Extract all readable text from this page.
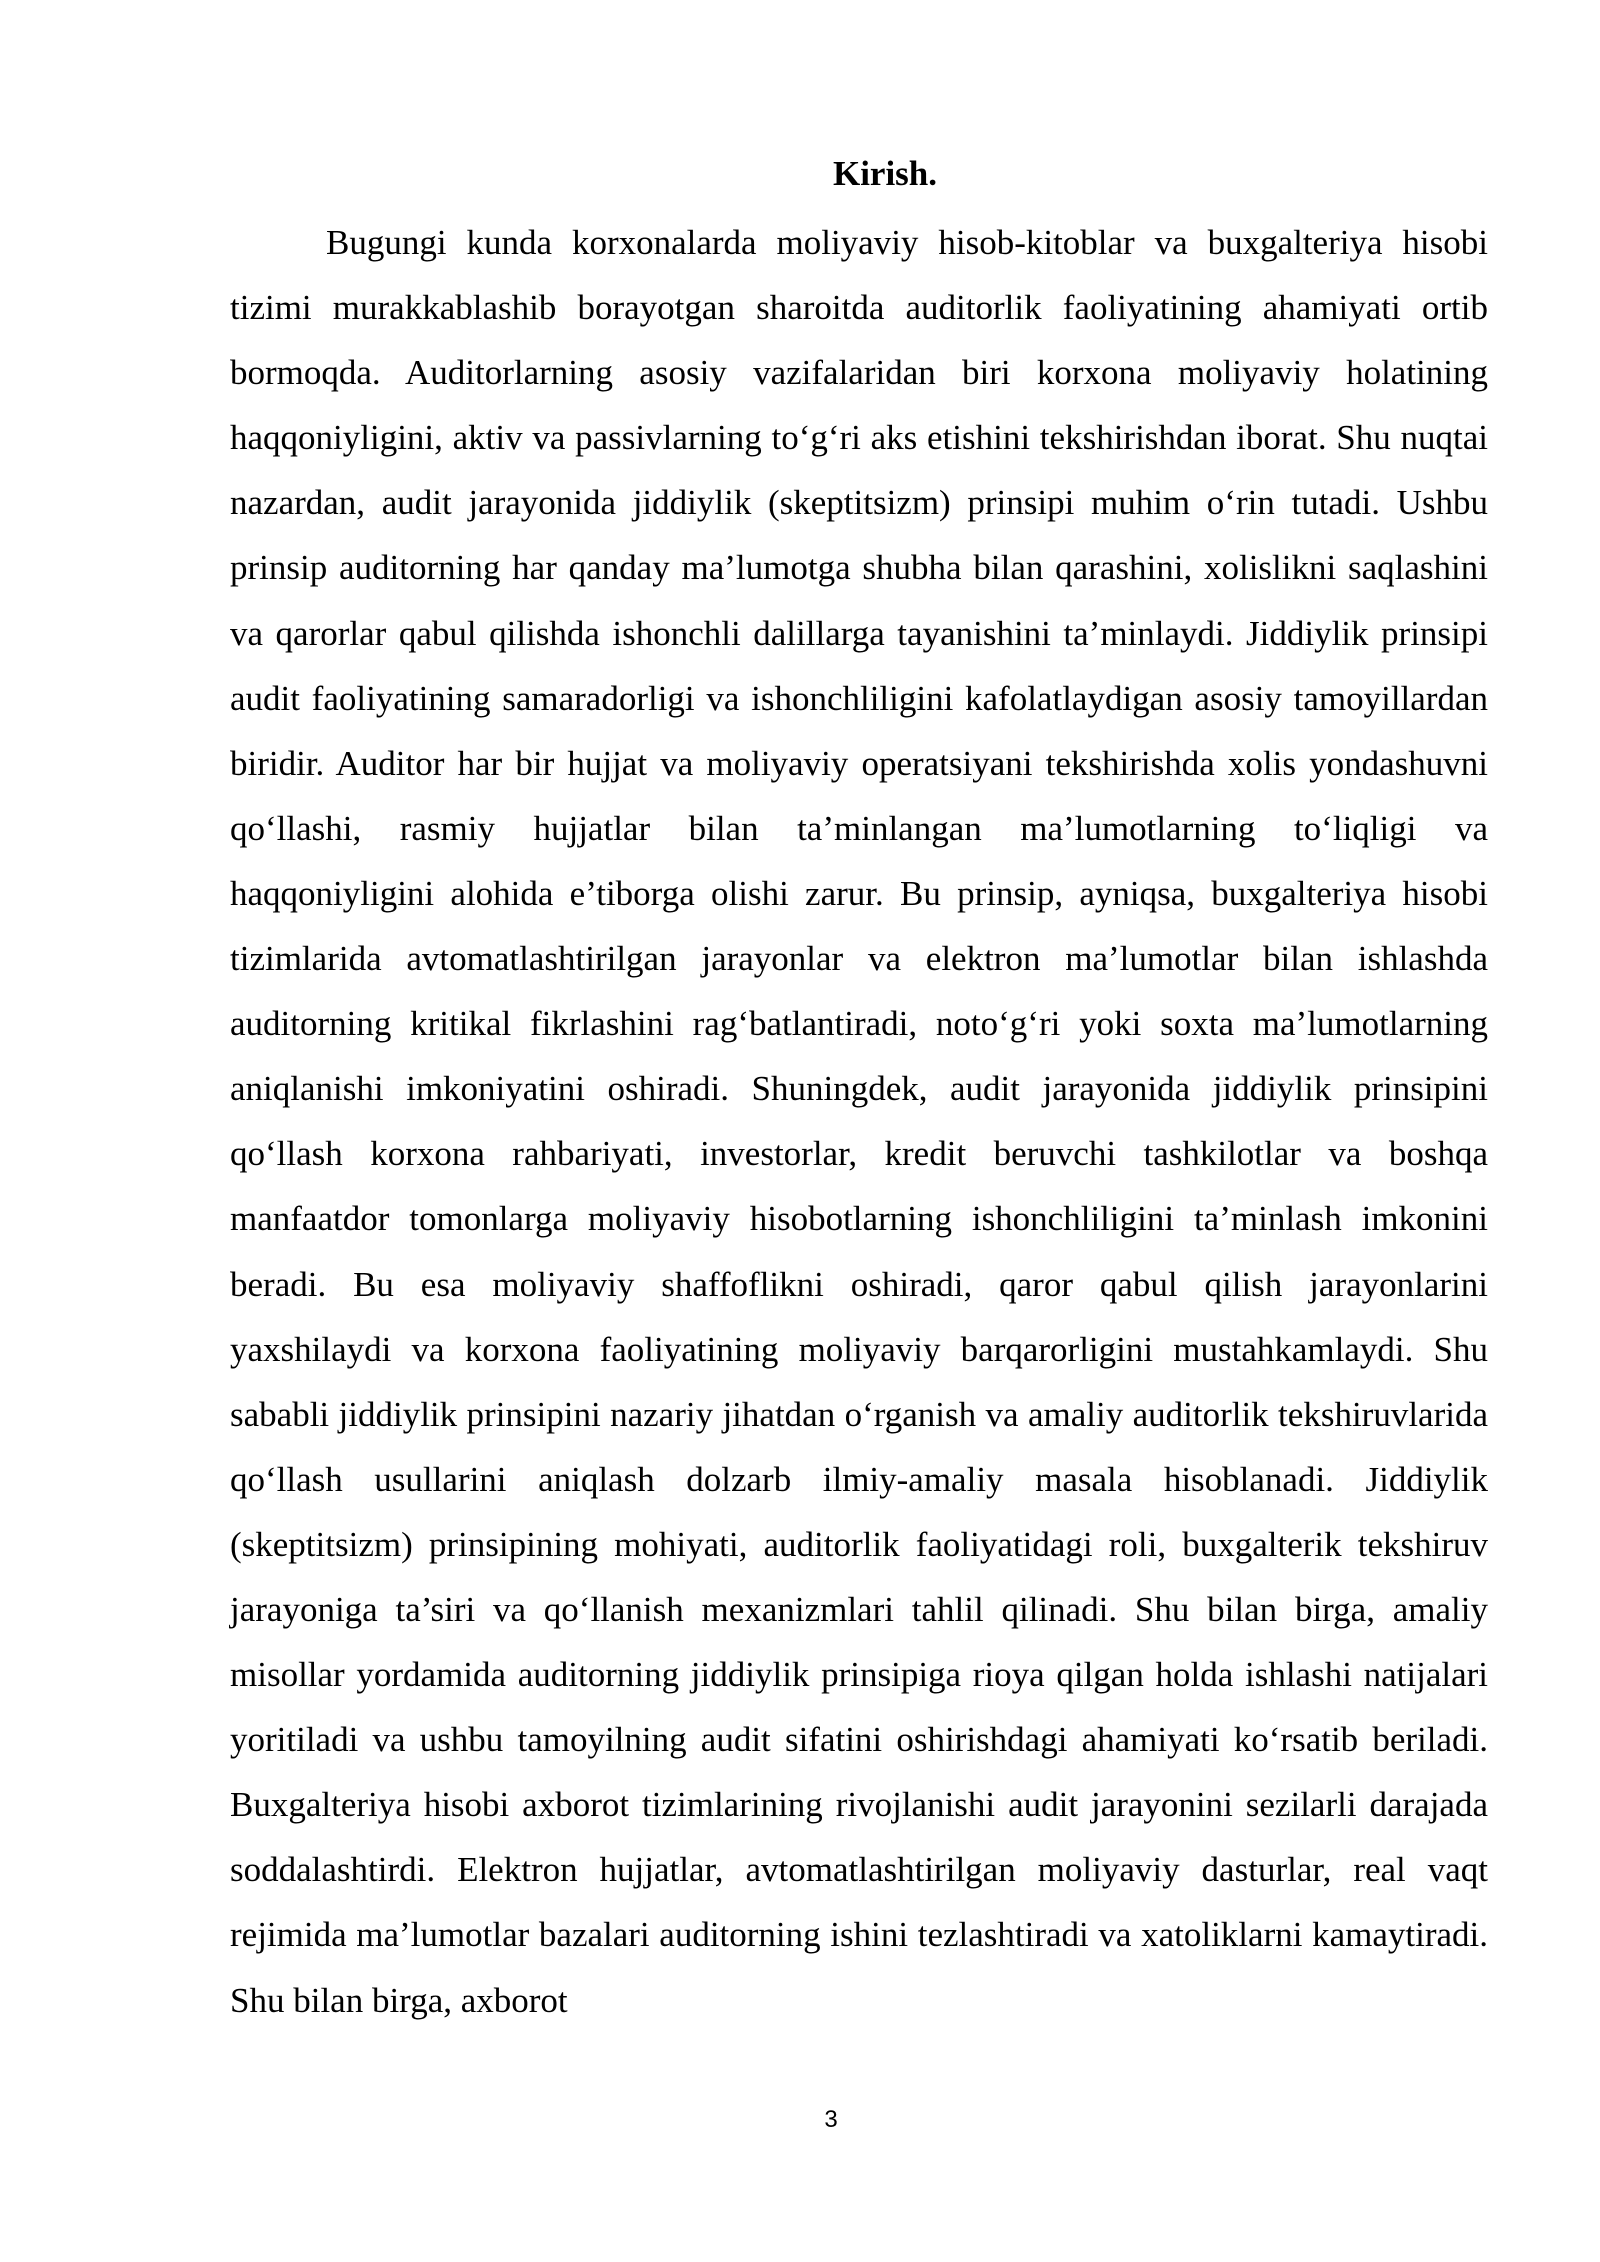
Kirish.

Bugungi kunda korxonalarda moliyaviy hisob-kitoblar va buxgalteriya hisobi tizimi murakkablashib borayotgan sharoitda auditorlik faoliyatining ahamiyati ortib bormoqda. Auditorlarning asosiy vazifalaridan biri korxona moliyaviy holatining haqqoniyligini, aktiv va passivlarning to‘g‘ri aks etishini tekshirishdan iborat. Shu nuqtai nazardan, audit jarayonida jiddiylik (skeptitsizm) prinsipi muhim o‘rin tutadi. Ushbu prinsip auditorning har qanday ma’lumotga shubha bilan qarashini, xolislikni saqlashini va qarorlar qabul qilishda ishonchli dalillarga tayanishini ta’minlaydi. Jiddiylik prinsipi audit faoliyatining samaradorligi va ishonchliligini kafolatlaydigan asosiy tamoyillardan biridir. Auditor har bir hujjat va moliyaviy operatsiyani tekshirishda xolis yondashuvni qo‘llashi, rasmiy hujjatlar bilan ta’minlangan ma’lumotlarning to‘liqligi va haqqoniyligini alohida e’tiborga olishi zarur. Bu prinsip, ayniqsa, buxgalteriya hisobi tizimlarida avtomatlashtirilgan jarayonlar va elektron ma’lumotlar bilan ishlashda auditorning kritikal fikrlashini rag‘batlantiradi, noto‘g‘ri yoki soxta ma’lumotlarning aniqlanishi imkoniyatini oshiradi. Shuningdek, audit jarayonida jiddiylik prinsipini qo‘llash korxona rahbariyati, investorlar, kredit beruvchi tashkilotlar va boshqa manfaatdor tomonlarga moliyaviy hisobotlarning ishonchliligini ta’minlash imkonini beradi. Bu esa moliyaviy shaffoflikni oshiradi, qaror qabul qilish jarayonlarini yaxshilaydi va korxona faoliyatining moliyaviy barqarorligini mustahkamlaydi. Shu sababli jiddiylik prinsipini nazariy jihatdan o‘rganish va amaliy auditorlik tekshiruvlarida qo‘llash usullarini aniqlash dolzarb ilmiy-amaliy masala hisoblanadi. Jiddiylik (skeptitsizm) prinsipining mohiyati, auditorlik faoliyatidagi roli, buxgalterik tekshiruv jarayoniga ta’siri va qo‘llanish mexanizmlari tahlil qilinadi. Shu bilan birga, amaliy misollar yordamida auditorning jiddiylik prinsipiga rioya qilgan holda ishlashi natijalari yoritiladi va ushbu tamoyilning audit sifatini oshirishdagi ahamiyati ko‘rsatib beriladi. Buxgalteriya hisobi axborot tizimlarining rivojlanishi audit jarayonini sezilarli darajada soddalashtirdi. Elektron hujjatlar, avtomatlashtirilgan moliyaviy dasturlar, real vaqt rejimida ma’lumotlar bazalari auditorning ishini tezlashtiradi va xatoliklarni kamaytiradi. Shu bilan birga, axborot

3
